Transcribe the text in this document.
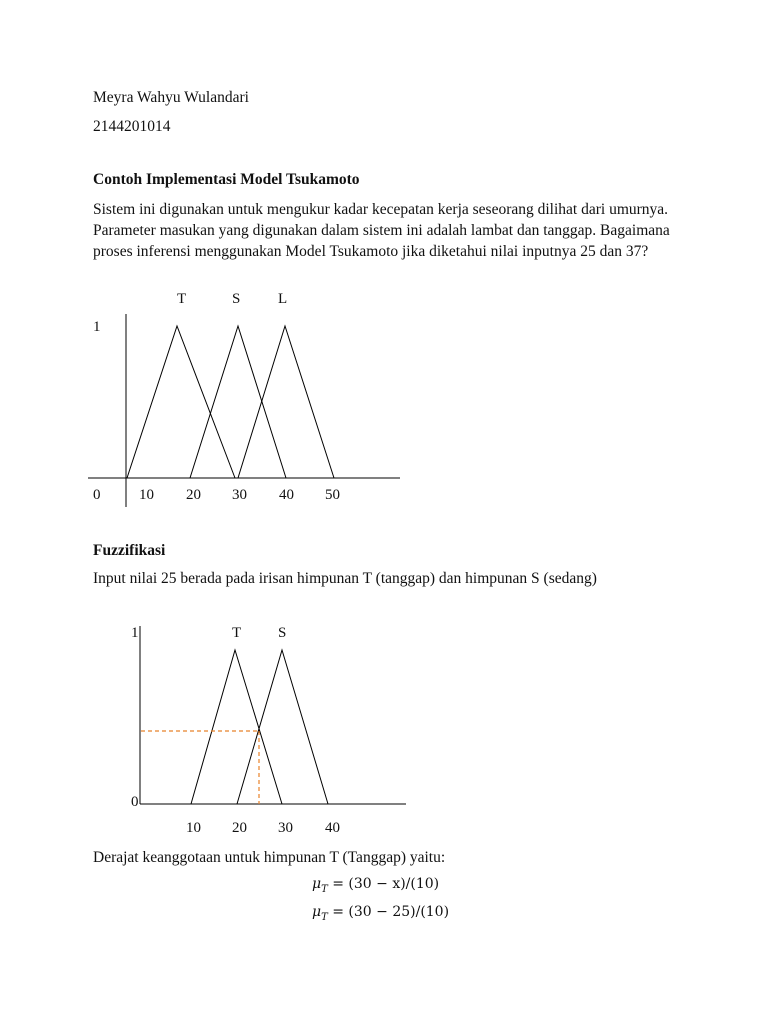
Meyra Wahyu Wulandari
2144201014
Contoh Implementasi Model Tsukamoto
Sistem ini digunakan untuk mengukur kadar kecepatan kerja seseorang dilihat dari umurnya.
Parameter masukan yang digunakan dalam sistem ini adalah lambat dan tanggap. Bagaimana
proses inferensi menggunakan Model Tsukamoto jika diketahui nilai inputnya 25 dan 37?
T	S	L
1
0	10 20 30 40 50
Fuzzifikasi
Input nilai 25 berada pada irisan himpunan T (tanggap) dan himpunan S (sedang)
1	T S
0
10 20 30 40
Derajat keanggotaan untuk himpunan T (Tanggap) yaitu:
$\mu_T = (30 - x)/(10)$
$\mu_T = (30 - 25)/(10)$
